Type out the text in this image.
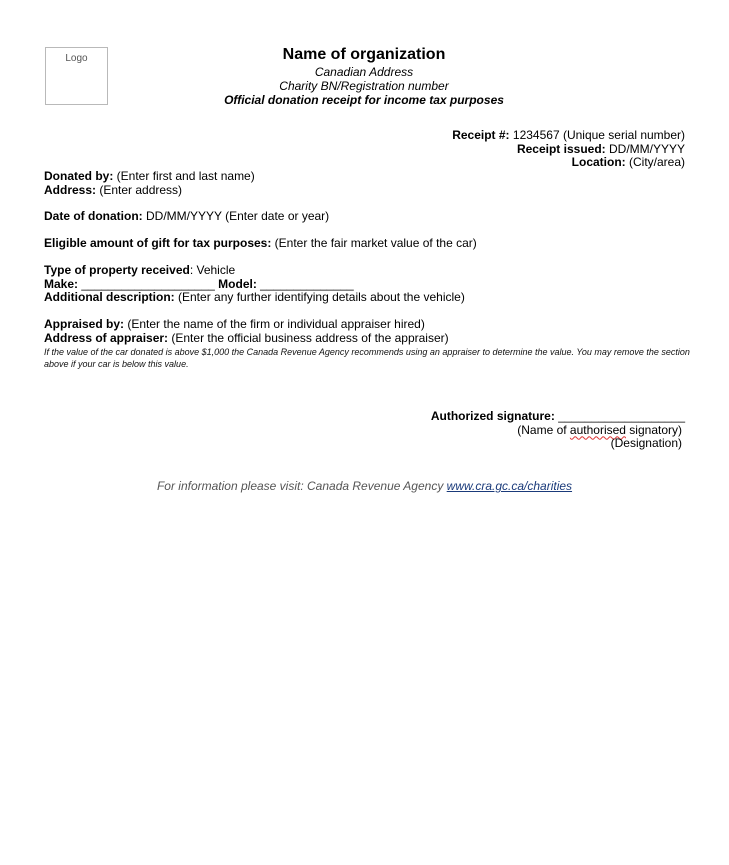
Logo	Name of organization
Canadian Address
Charity BN/Registration number
Official donation receipt for income tax purposes
Receipt #: 1234567 (Unique serial number)
Receipt issued: DD/MM/YYYY
Location: (City/area)
Donated by: (Enter first and last name)
Address: (Enter address)
Date of donation: DD/MM/YYYY (Enter date or year)
Eligible amount of gift for tax purposes: (Enter the fair market value of the car)
Type of property received: Vehicle
Make: ____________________ Model: ______________
Additional description: (Enter any further identifying details about the vehicle)
Appraised by: (Enter the name of the firm or individual appraiser hired)
Address of appraiser: (Enter the official business address of the appraiser)
If the value of the car donated is above $1,000 the Canada Revenue Agency recommends using an appraiser to determine the value. You may remove the section above if your car is below this value.
Authorized signature: ___________________
(Name of authorised signatory)
(Designation)
For information please visit: Canada Revenue Agency www.cra.gc.ca/charities
